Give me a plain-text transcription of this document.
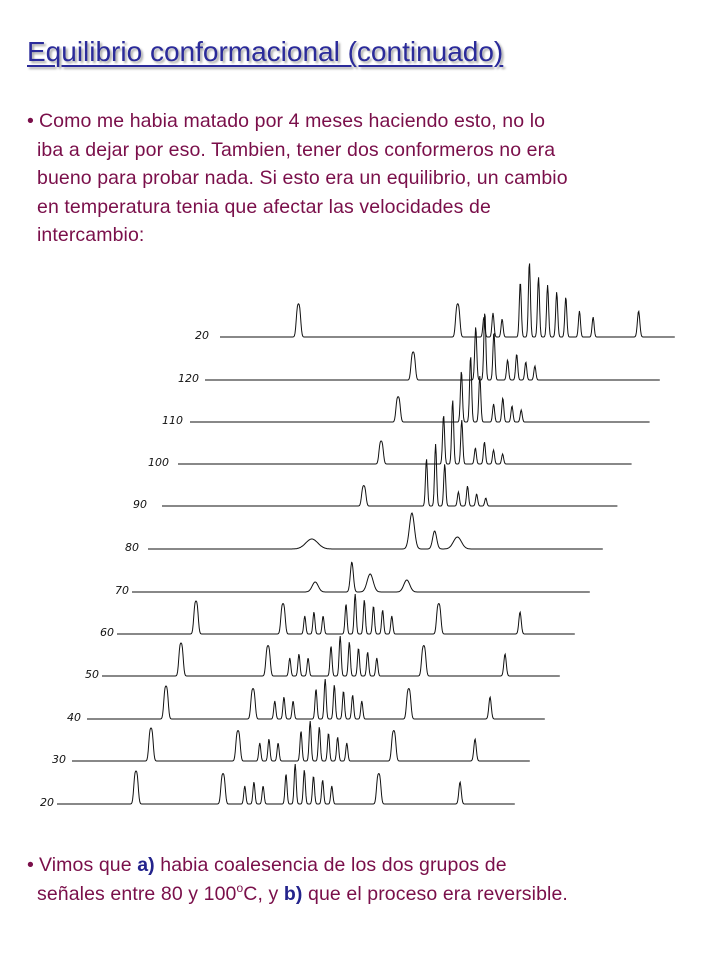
Equilibrio conformacional (continuado)
• Como me habia matado por 4 meses haciendo esto, no lo
iba a dejar por eso. Tambien, tener dos conformeros no era
bueno para probar nada. Si esto era un equilibrio, un cambio
en temperatura tenia que afectar las velocidades de
intercambio:
20
120
110
100
90
80
70
60
50
40
30
20
• Vimos que a) habia coalesencia de los dos grupos de
señales entre 80 y 100$^o$C, y b) que el proceso era reversible.
